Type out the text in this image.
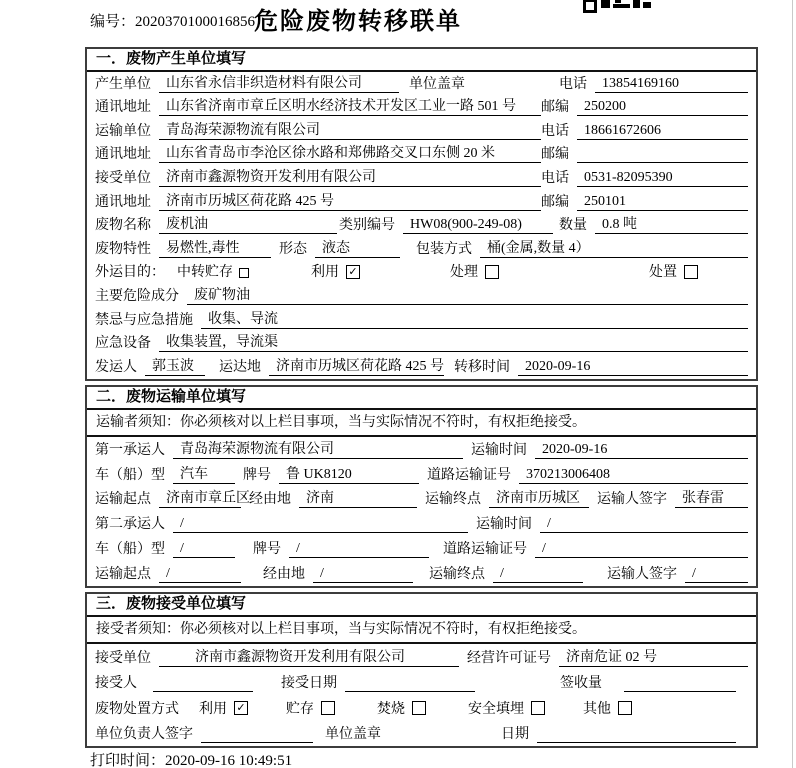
编号：2020370100016856
危险废物转移联单
一．废物产生单位填写
产生单位	山东省永信非织造材料有限公司	单位盖章	电话	13854169160
通讯地址	山东省济南市章丘区明水经济技术开发区工业一路 501 号	邮编	250200
运输单位	青岛海荣源物流有限公司	电话	18661672606
通讯地址	山东省青岛市李沧区徐水路和郑佛路交叉口东侧 20 米	邮编
接受单位	济南市鑫源物资开发利用有限公司	电话	0531-82095390
通讯地址	济南市历城区荷花路 425 号	邮编	250101
废物名称	废机油	类别编号	HW08(900-249-08)	数量	0.8 吨
废物特性	易燃性,毒性	形态	液态	包装方式	桶(金属,数量 4）
外运目的： 中转贮存	利用 ✓	处理	处置
主要危险成分	废矿物油
禁忌与应急措施	收集、导流
应急设备	收集装置，导流渠
发运人	郭玉波	运达地	济南市历城区荷花路 425 号 转移时间	2020-09-16
二．废物运输单位填写
运输者须知：你必须核对以上栏目事项，当与实际情况不符时，有权拒绝接受。
第一承运人	青岛海荣源物流有限公司	运输时间	2020-09-16
车（船）型	汽车	牌号	鲁 UK8120	道路运输证号	370213006408
运输起点	济南市章丘区 经由地	济南	运输终点	济南市历城区	运输人签字	张春雷
第二承运人	/	运输时间	/
车（船）型	/	牌号	/	道路运输证号	/
运输起点	/	经由地	/	运输终点	/	运输人签字	/
三．废物接受单位填写
接受者须知：你必须核对以上栏目事项，当与实际情况不符时，有权拒绝接受。
接受单位	济南市鑫源物资开发利用有限公司	经营许可证号	济南危证 02 号
接受人	接受日期	签收量
废物处置方式 利用 ✓	贮存	焚烧	安全填埋	其他
单位负责人签字	单位盖章	日期
打印时间：2020-09-16 10:49:51
